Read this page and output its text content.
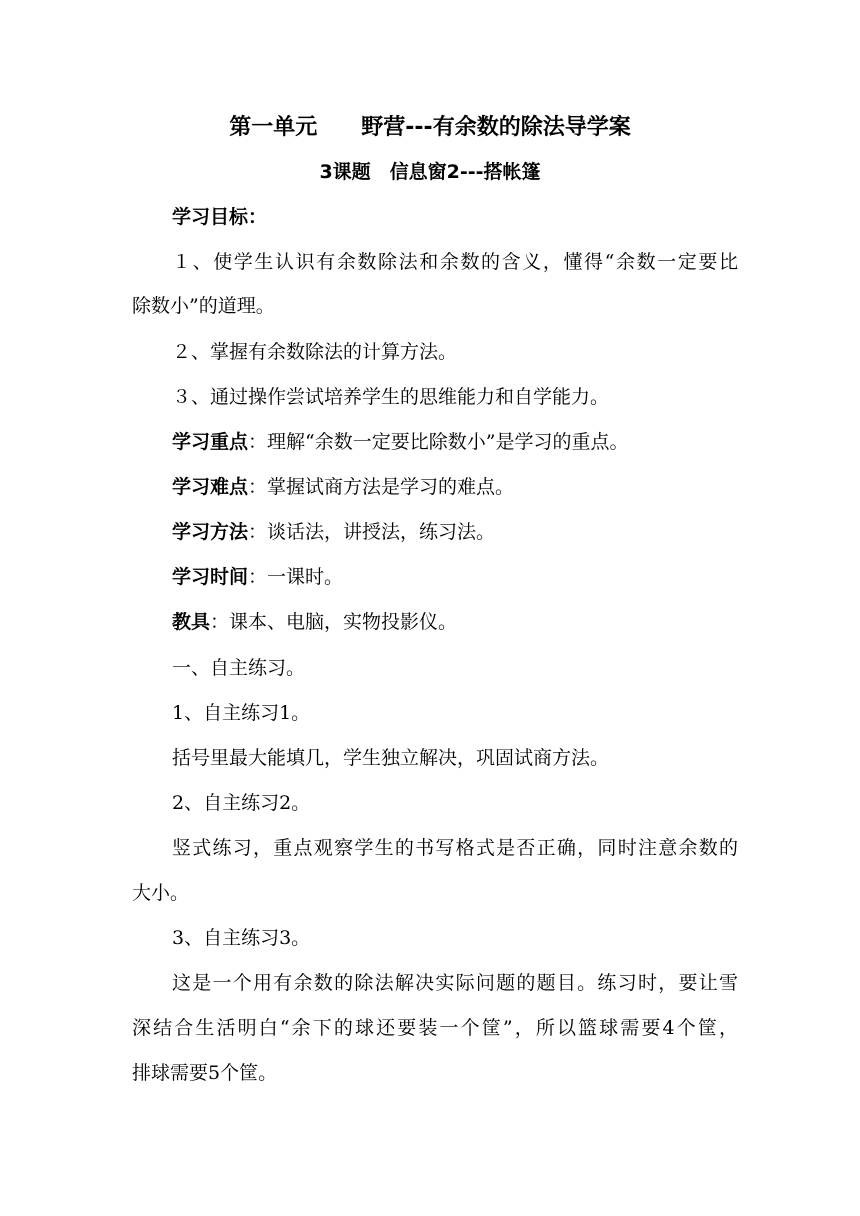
第一单元　　野营---有余数的除法导学案
3课题　信息窗2---搭帐篷
学习目标：
１、使学生认识有余数除法和余数的含义，懂得“余数一定要比
除数小”的道理。
２、掌握有余数除法的计算方法。
３、通过操作尝试培养学生的思维能力和自学能力。
学习重点：理解“余数一定要比除数小”是学习的重点。
学习难点：掌握试商方法是学习的难点。
学习方法：谈话法，讲授法，练习法。
学习时间：一课时。
教具：课本、电脑，实物投影仪。
一、自主练习。
1、自主练习1。
括号里最大能填几，学生独立解决，巩固试商方法。
2、自主练习2。
竖式练习，重点观察学生的书写格式是否正确，同时注意余数的
大小。
3、自主练习3。
这是一个用有余数的除法解决实际问题的题目。练习时，要让雪
深结合生活明白“余下的球还要装一个筐”，所以篮球需要4个筐，
排球需要5个筐。
